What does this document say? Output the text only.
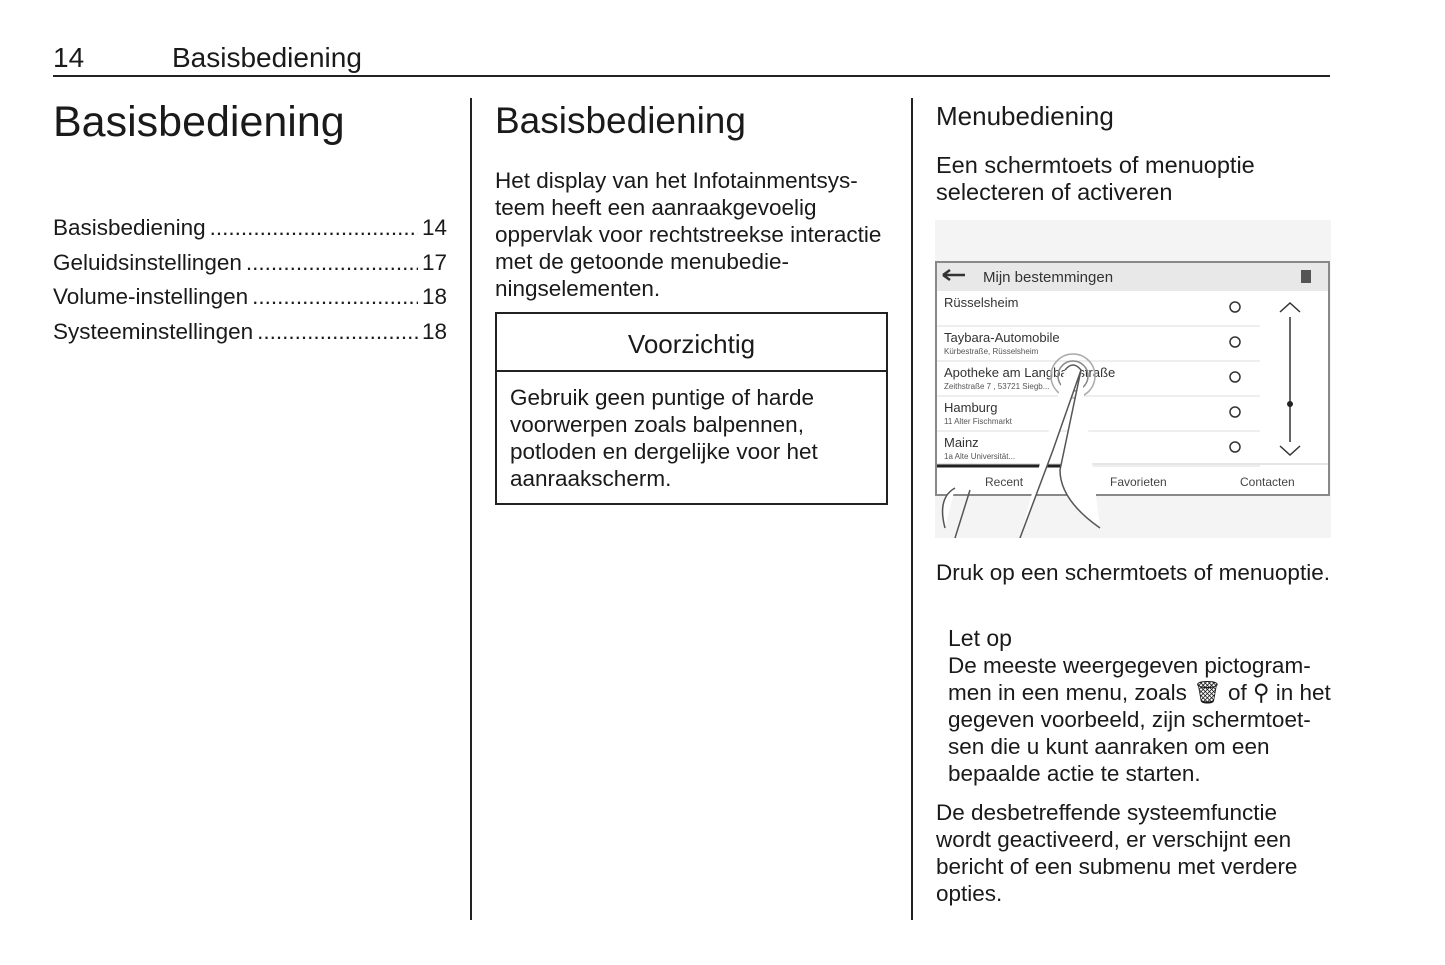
14	Basisbediening
Basisbediening
Basisbediening .....	14
Geluidsinstellingen .....	17
Volume-instellingen .....	18
Systeeminstellingen .....	18
Basisbediening
Het display van het Infotainmentsysteem heeft een aanraakgevoelig oppervlak voor rechtstreekse interactie met de getoonde menubedieningselementen.
Voorzichtig
Gebruik geen puntige of harde voorwerpen zoals balpennen, potloden en dergelijke voor het aanraakscherm.
Menubediening
Een schermtoets of menuoptie selecteren of activeren
Mijn bestemmingen
Rüsselsheim
Taybara-Automobile
Kürbestraße, Rüsselsheim
Apotheke am Langba...straße
Zeithstraße 7 , 53721 Siegb...
Hamburg
11 Alter Fischmarkt
Mainz
1a Alte Universität...
Recent	Favorieten	Contacten
Druk op een schermtoets of menuoptie.
Let op
De meeste weergegeven pictogrammen in een menu, zoals 🗑 of ⚲ in het gegeven voorbeeld, zijn schermtoetsen die u kunt aanraken om een bepaalde actie te starten.
De desbetreffende systeemfunctie wordt geactiveerd, er verschijnt een bericht of een submenu met verdere opties.
